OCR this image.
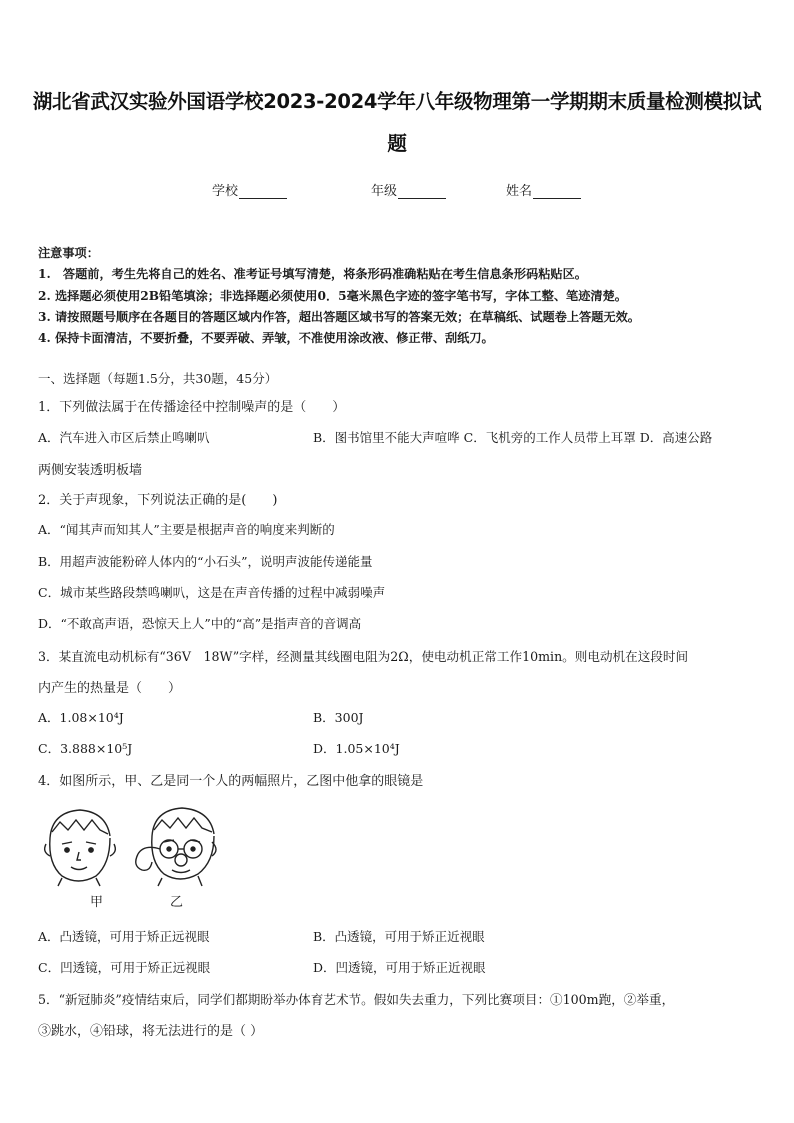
湖北省武汉实验外国语学校2023-2024学年八年级物理第一学期期末质量检测模拟试
题
学校	年级	姓名
注意事项：
1.　答题前，考生先将自己的姓名、准考证号填写清楚，将条形码准确粘贴在考生信息条形码粘贴区。
2. 选择题必须使用2B铅笔填涂；非选择题必须使用0．5毫米黑色字迹的签字笔书写，字体工整、笔迹清楚。
3. 请按照题号顺序在各题目的答题区域内作答，超出答题区域书写的答案无效；在草稿纸、试题卷上答题无效。
4. 保持卡面清洁，不要折叠，不要弄破、弄皱，不准使用涂改液、修正带、刮纸刀。
一、选择题（每题1.5分，共30题，45分）
1．下列做法属于在传播途径中控制噪声的是（　　）
A．汽车进入市区后禁止鸣喇叭	B．图书馆里不能大声喧哗 C．飞机旁的工作人员带上耳罩 D．高速公路
两侧安装透明板墙
2．关于声现象，下列说法正确的是(　　)
A．“闻其声而知其人”主要是根据声音的响度来判断的
B．用超声波能粉碎人体内的“小石头”，说明声波能传递能量
C．城市某些路段禁鸣喇叭，这是在声音传播的过程中减弱噪声
D．“不敢高声语，恐惊天上人”中的“高”是指声音的音调高
3．某直流电动机标有“36V　18W”字样，经测量其线圈电阻为2Ω，使电动机正常工作10min。则电动机在这段时间
内产生的热量是（　　）
A．1.08×10⁴J	B．300J
C．3.888×10⁵J	D．1.05×10⁴J
4．如图所示，甲、乙是同一个人的两幅照片，乙图中他拿的眼镜是
甲	乙
A．凸透镜，可用于矫正远视眼	B．凸透镜，可用于矫正近视眼
C．凹透镜，可用于矫正远视眼	D．凹透镜，可用于矫正近视眼
5．“新冠肺炎”疫情结束后，同学们都期盼举办体育艺术节。假如失去重力，下列比赛项目：①100m跑，②举重，
③跳水，④铅球，将无法进行的是（ ）
